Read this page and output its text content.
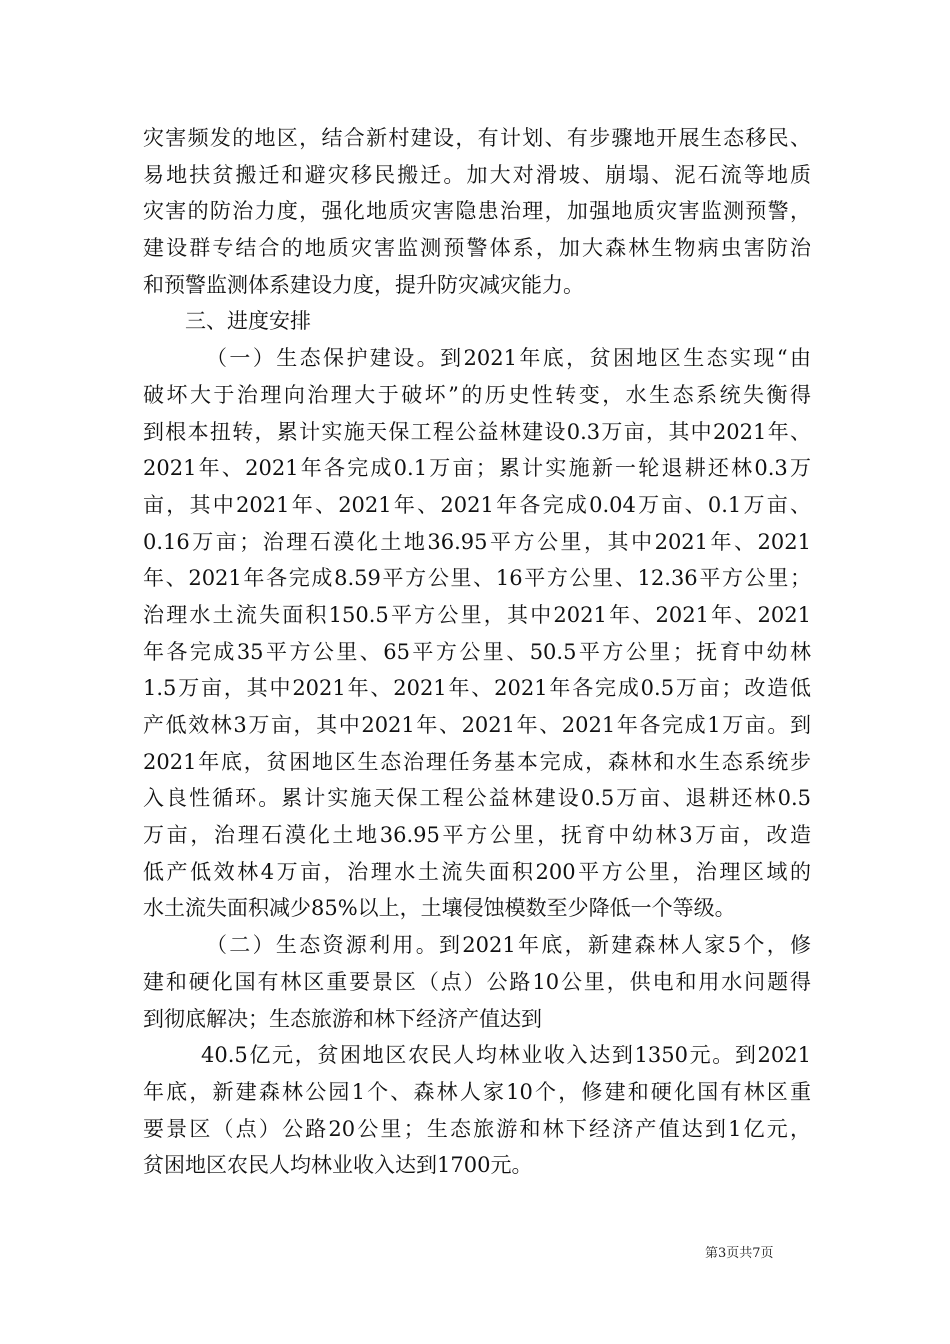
灾害频发的地区，结合新村建设，有计划、有步骤地开展生态移民、
易地扶贫搬迁和避灾移民搬迁。加大对滑坡、崩塌、泥石流等地质
灾害的防治力度，强化地质灾害隐患治理，加强地质灾害监测预警，
建设群专结合的地质灾害监测预警体系，加大森林生物病虫害防治
和预警监测体系建设力度，提升防灾减灾能力。
三、进度安排
（一）生态保护建设。到2021年底，贫困地区生态实现“由
破坏大于治理向治理大于破坏”的历史性转变，水生态系统失衡得
到根本扭转，累计实施天保工程公益林建设0.3万亩，其中2021年、
2021年、2021年各完成0.1万亩；累计实施新一轮退耕还林0.3万
亩，其中2021年、2021年、2021年各完成0.04万亩、0.1万亩、
0.16万亩；治理石漠化土地36.95平方公里，其中2021年、2021
年、2021年各完成8.59平方公里、16平方公里、12.36平方公里；
治理水土流失面积150.5平方公里，其中2021年、2021年、2021
年各完成35平方公里、65平方公里、50.5平方公里；抚育中幼林
1.5万亩，其中2021年、2021年、2021年各完成0.5万亩；改造低
产低效林3万亩，其中2021年、2021年、2021年各完成1万亩。到
2021年底，贫困地区生态治理任务基本完成，森林和水生态系统步
入良性循环。累计实施天保工程公益林建设0.5万亩、退耕还林0.5
万亩，治理石漠化土地36.95平方公里，抚育中幼林3万亩，改造
低产低效林4万亩，治理水土流失面积200平方公里，治理区域的
水土流失面积减少85%以上，土壤侵蚀模数至少降低一个等级。
（二）生态资源利用。到2021年底，新建森林人家5个，修
建和硬化国有林区重要景区（点）公路10公里，供电和用水问题得
到彻底解决；生态旅游和林下经济产值达到
40.5亿元，贫困地区农民人均林业收入达到1350元。到2021
年底，新建森林公园1个、森林人家10个，修建和硬化国有林区重
要景区（点）公路20公里；生态旅游和林下经济产值达到1亿元，
贫困地区农民人均林业收入达到1700元。
第3页共7页
